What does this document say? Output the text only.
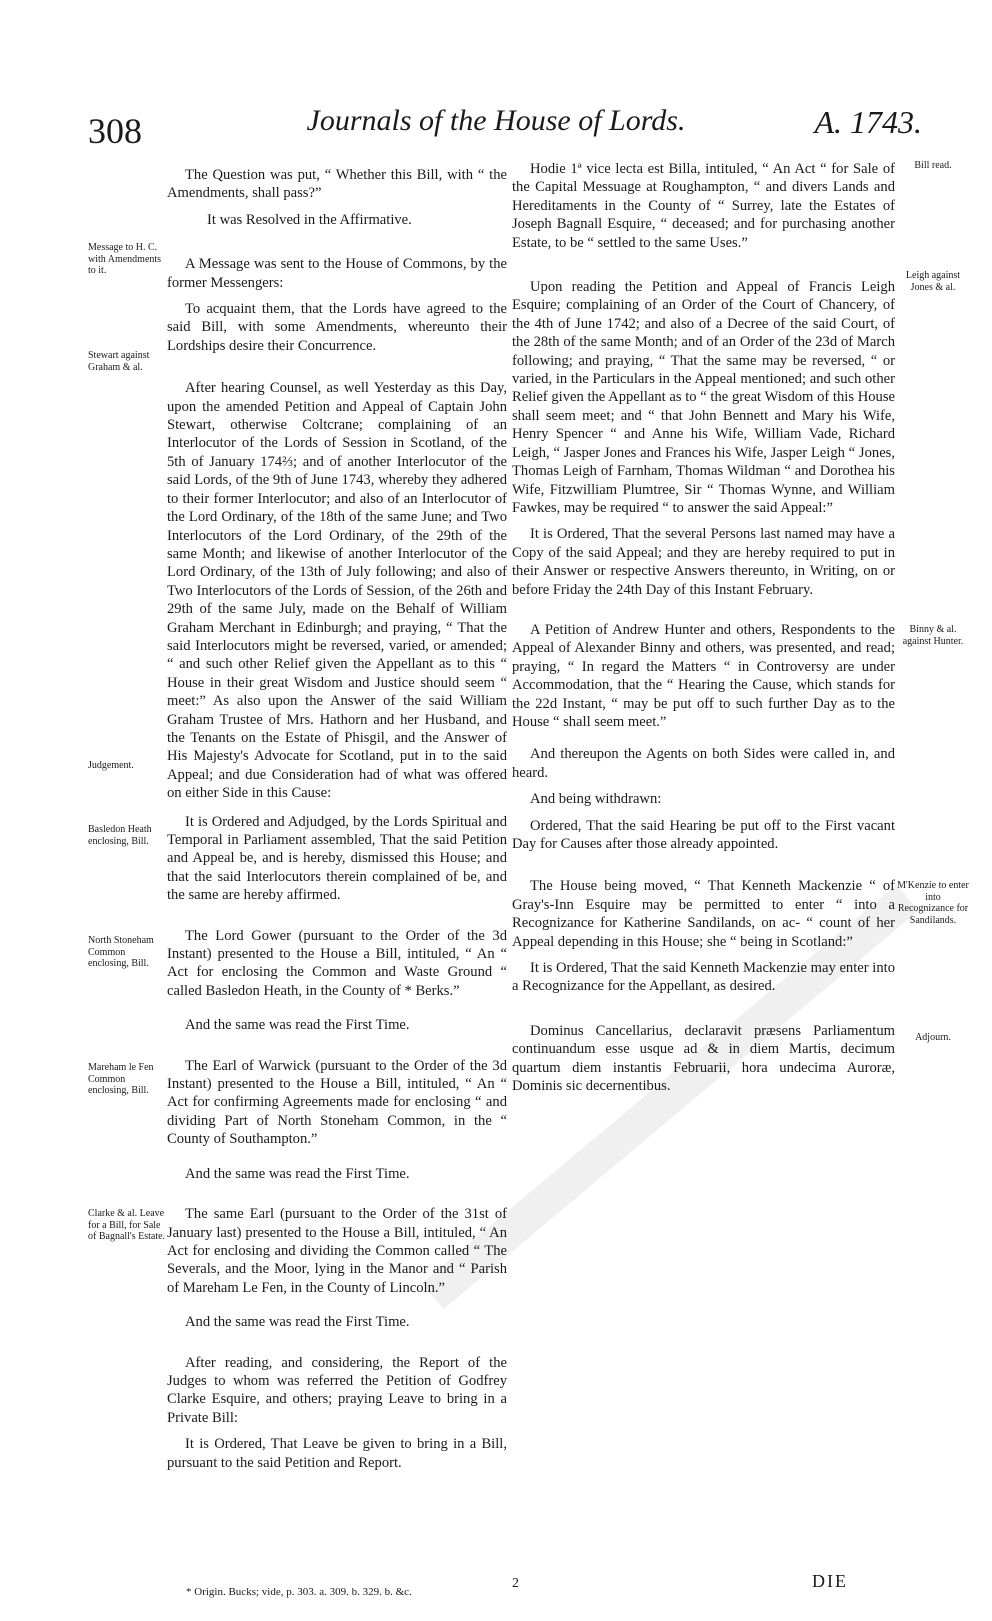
308	Journals of the House of Lords.	A. 1743.

The Question was put, “ Whether this Bill, with “ the Amendments, shall pass?”

It was Resolved in the Affirmative.

A Message was sent to the House of Commons, by the former Messengers:

To acquaint them, that the Lords have agreed to the said Bill, with some Amendments, whereunto their Lordships desire their Concurrence.

After hearing Counsel, as well Yesterday as this Day, upon the amended Petition and Appeal of Captain John Stewart, otherwise Coltcrane; complaining of an Interlocutor of the Lords of Session in Scotland, of the 5th of January 174⅔; and of another Interlocutor of the said Lords, of the 9th of June 1743, whereby they adhered to their former Interlocutor; and also of an Interlocutor of the Lord Ordinary, of the 18th of the same June; and Two Interlocutors of the Lord Ordinary, of the 29th of the same Month; and likewise of another Interlocutor of the Lord Ordinary, of the 13th of July following; and also of Two Interlocutors of the Lords of Session, of the 26th and 29th of the same July, made on the Behalf of William Graham Merchant in Edinburgh; and praying, “ That the said Interlocutors might be reversed, varied, or amended; “ and such other Relief given the Appellant as to this “ House in their great Wisdom and Justice should seem “ meet:” As also upon the Answer of the said William Graham Trustee of Mrs. Hathorn and her Husband, and the Tenants on the Estate of Phisgil, and the Answer of His Majesty's Advocate for Scotland, put in to the said Appeal; and due Consideration had of what was offered on either Side in this Cause:

It is Ordered and Adjudged, by the Lords Spiritual and Temporal in Parliament assembled, That the said Petition and Appeal be, and is hereby, dismissed this House; and that the said Interlocutors therein complained of be, and the same are hereby affirmed.

The Lord Gower (pursuant to the Order of the 3d Instant) presented to the House a Bill, intituled, “ An “ Act for enclosing the Common and Waste Ground “ called Basledon Heath, in the County of * Berks.”

And the same was read the First Time.

The Earl of Warwick (pursuant to the Order of the 3d Instant) presented to the House a Bill, intituled, “ An “ Act for confirming Agreements made for enclosing “ and dividing Part of North Stoneham Common, in the “ County of Southampton.”

And the same was read the First Time.

The same Earl (pursuant to the Order of the 31st of January last) presented to the House a Bill, intituled, “ An Act for enclosing and dividing the Common called “ The Severals, and the Moor, lying in the Manor and “ Parish of Mareham Le Fen, in the County of Lincoln.”

And the same was read the First Time.

After reading, and considering, the Report of the Judges to whom was referred the Petition of Godfrey Clarke Esquire, and others; praying Leave to bring in a Private Bill:

It is Ordered, That Leave be given to bring in a Bill, pursuant to the said Petition and Report.

Hodie 1ª vice lecta est Billa, intituled, “ An Act “ for Sale of the Capital Messuage at Roughampton, “ and divers Lands and Hereditaments in the County of “ Surrey, late the Estates of Joseph Bagnall Esquire, “ deceased; and for purchasing another Estate, to be “ settled to the same Uses.”

Upon reading the Petition and Appeal of Francis Leigh Esquire; complaining of an Order of the Court of Chancery, of the 4th of June 1742; and also of a Decree of the said Court, of the 28th of the same Month; and of an Order of the 23d of March following; and praying, “ That the same may be reversed, “ or varied, in the Particulars in the Appeal mentioned; and such other Relief given the Appellant as to “ the great Wisdom of this House shall seem meet; and “ that John Bennett and Mary his Wife, Henry Spencer “ and Anne his Wife, William Vade, Richard Leigh, “ Jasper Jones and Frances his Wife, Jasper Leigh “ Jones, Thomas Leigh of Farnham, Thomas Wildman “ and Dorothea his Wife, Fitzwilliam Plumtree, Sir “ Thomas Wynne, and William Fawkes, may be required “ to answer the said Appeal:”

It is Ordered, That the several Persons last named may have a Copy of the said Appeal; and they are hereby required to put in their Answer or respective Answers thereunto, in Writing, on or before Friday the 24th Day of this Instant February.

A Petition of Andrew Hunter and others, Respondents to the Appeal of Alexander Binny and others, was presented, and read; praying, “ In regard the Matters “ in Controversy are under Accommodation, that the “ Hearing the Cause, which stands for the 22d Instant, “ may be put off to such further Day as to the House “ shall seem meet.”

And thereupon the Agents on both Sides were called in, and heard.

And being withdrawn:

Ordered, That the said Hearing be put off to the First vacant Day for Causes after those already appointed.

The House being moved, “ That Kenneth Mackenzie “ of Gray's-Inn Esquire may be permitted to enter “ into a Recognizance for Katherine Sandilands, on ac- “ count of her Appeal depending in this House; she “ being in Scotland:”

It is Ordered, That the said Kenneth Mackenzie may enter into a Recognizance for the Appellant, as desired.

Dominus Cancellarius, declaravit præsens Parliamentum continuandum esse usque ad & in diem Martis, decimum quartum diem instantis Februarii, hora undecima Auroræ, Dominis sic decernentibus.

Message to H. C. with Amendments to it.
Stewart against Graham & al.
Judgement.
Basledon Heath enclosing, Bill.
North Stoneham Common enclosing, Bill.
Mareham le Fen Common enclosing, Bill.
Clarke & al. Leave for a Bill, for Sale of Bagnall's Estate.
Bill read.
Leigh against Jones & al.
Binny & al. against Hunter.
M'Kenzie to enter into Recognizance for Sandilands.
Adjourn.
* Origin. Bucks; vide, p. 303. a. 309. b. 329. b. &c.
2	DIE
